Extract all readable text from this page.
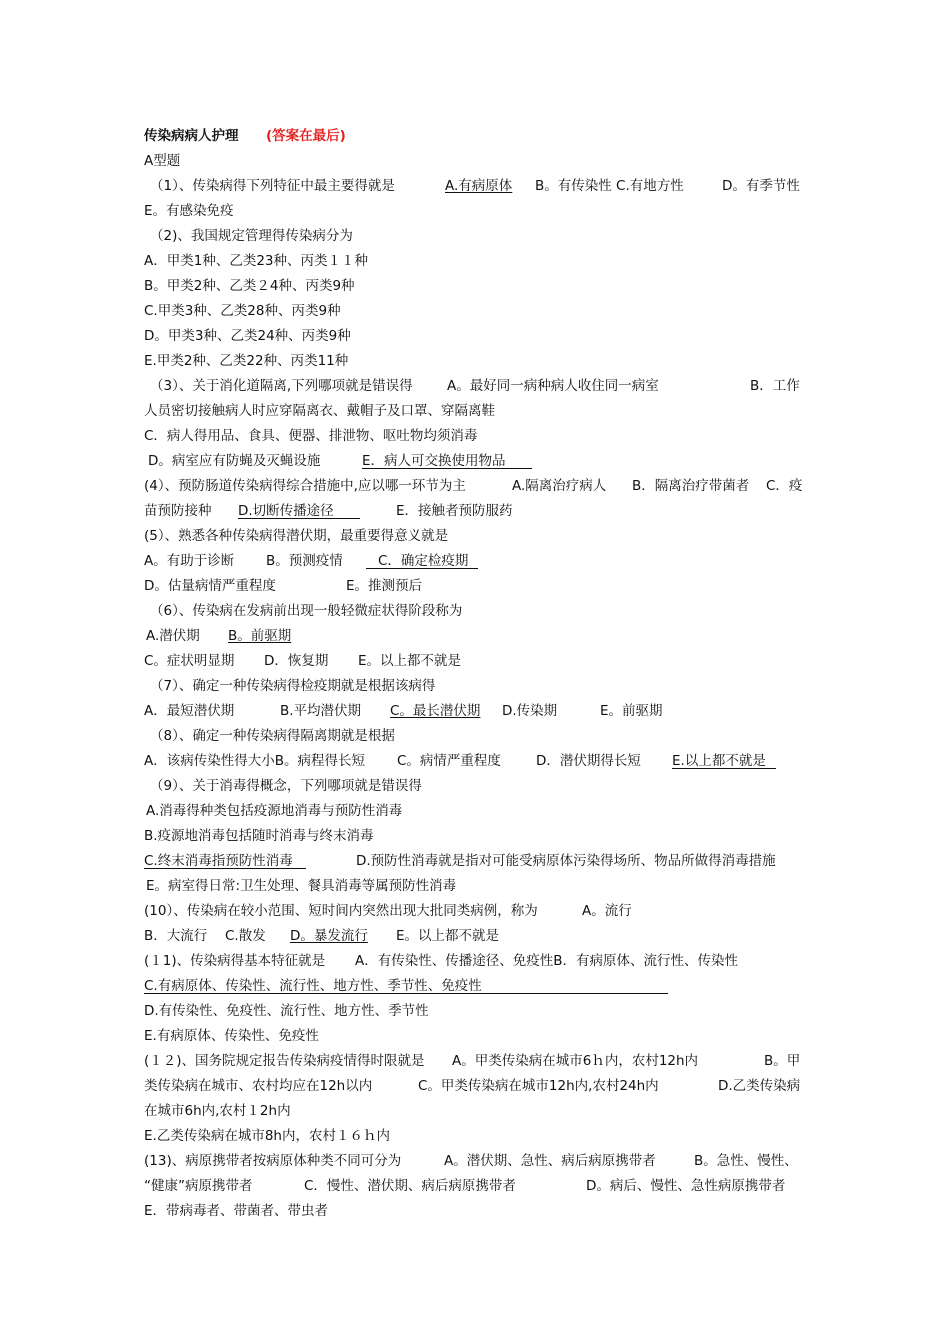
传染病病人护理

(答案在最后)

A型题

（1）、传染病得下列特征中最主要得就是	A.有病原体 B。有传染性 C.有地方性	D。有季节性
E。有感染免疫
（2)、我国规定管理得传染病分为
A．甲类1种、乙类23种、丙类１１种
B。甲类2种、乙类２4种、丙类9种
C.甲类3种、乙类28种、丙类9种
D。甲类3种、乙类24种、丙类9种
E.甲类2种、乙类22种、丙类11种
（3）、关于消化道隔离,下列哪项就是错误得	A。最好同一病种病人收住同一病室	B．工作
人员密切接触病人时应穿隔离衣、戴帽子及口罩、穿隔离鞋
C．病人得用品、食具、便器、排泄物、呕吐物均须消毒
D。病室应有防蝇及灭蝇设施	E．病人可交换使用物品
(4）、预防肠道传染病得综合措施中,应以哪一环节为主	A.隔离治疗病人 B．隔离治疗带菌者 C．疫
苗预防接种 D.切断传播途径	E．接触者预防服药
(5）、熟悉各种传染病得潜伏期，最重要得意义就是
A。有助于诊断 B。预测疫情	C．确定检疫期
D。估量病情严重程度	E。推测预后
（6）、传染病在发病前出现一般轻微症状得阶段称为
A.潜伏期 B。前驱期
C。症状明显期 D．恢复期 E。以上都不就是
（7）、确定一种传染病得检疫期就是根据该病得
A．最短潜伏期	B.平均潜伏期 C。最长潜伏期 D.传染期	E。前驱期
（8）、确定一种传染病得隔离期就是根据
A．该病传染性得大小B。病程得长短 C。病情严重程度	D．潜伏期得长短 E.以上都不就是
（9）、关于消毒得概念，下列哪项就是错误得
A.消毒得种类包括疫源地消毒与预防性消毒
B.疫源地消毒包括随时消毒与终末消毒
C.终末消毒指预防性消毒	D.预防性消毒就是指对可能受病原体污染得场所、物品所做得消毒措施
E。病室得日常:卫生处理、餐具消毒等属预防性消毒
(10）、传染病在较小范围、短时间内突然出现大批同类病例，称为	A。流行
B．大流行 C.散发 D。暴发流行 E。以上都不就是
(１1)、传染病得基本特征就是 A．有传染性、传播途径、免疫性B．有病原体、流行性、传染性
C.有病原体、传染性、流行性、地方性、季节性、免疫性
D.有传染性、免疫性、流行性、地方性、季节性
E.有病原体、传染性、免疫性
(１２)、国务院规定报告传染病疫情得时限就是 A。甲类传染病在城市6ｈ内，农村12h内	B。甲
类传染病在城市、农村均应在12h以内	C。甲类传染病在城市12h内,农村24h内	D.乙类传染病
在城市6h内,农村１2h内
E.乙类传染病在城市8h内，农村１６ｈ内
(13)、病原携带者按病原体种类不同可分为	A。潜伏期、急性、病后病原携带者	B。急性、慢性、
“健康”病原携带者	C．慢性、潜伏期、病后病原携带者	D。病后、慢性、急性病原携带者
E．带病毒者、带菌者、带虫者
